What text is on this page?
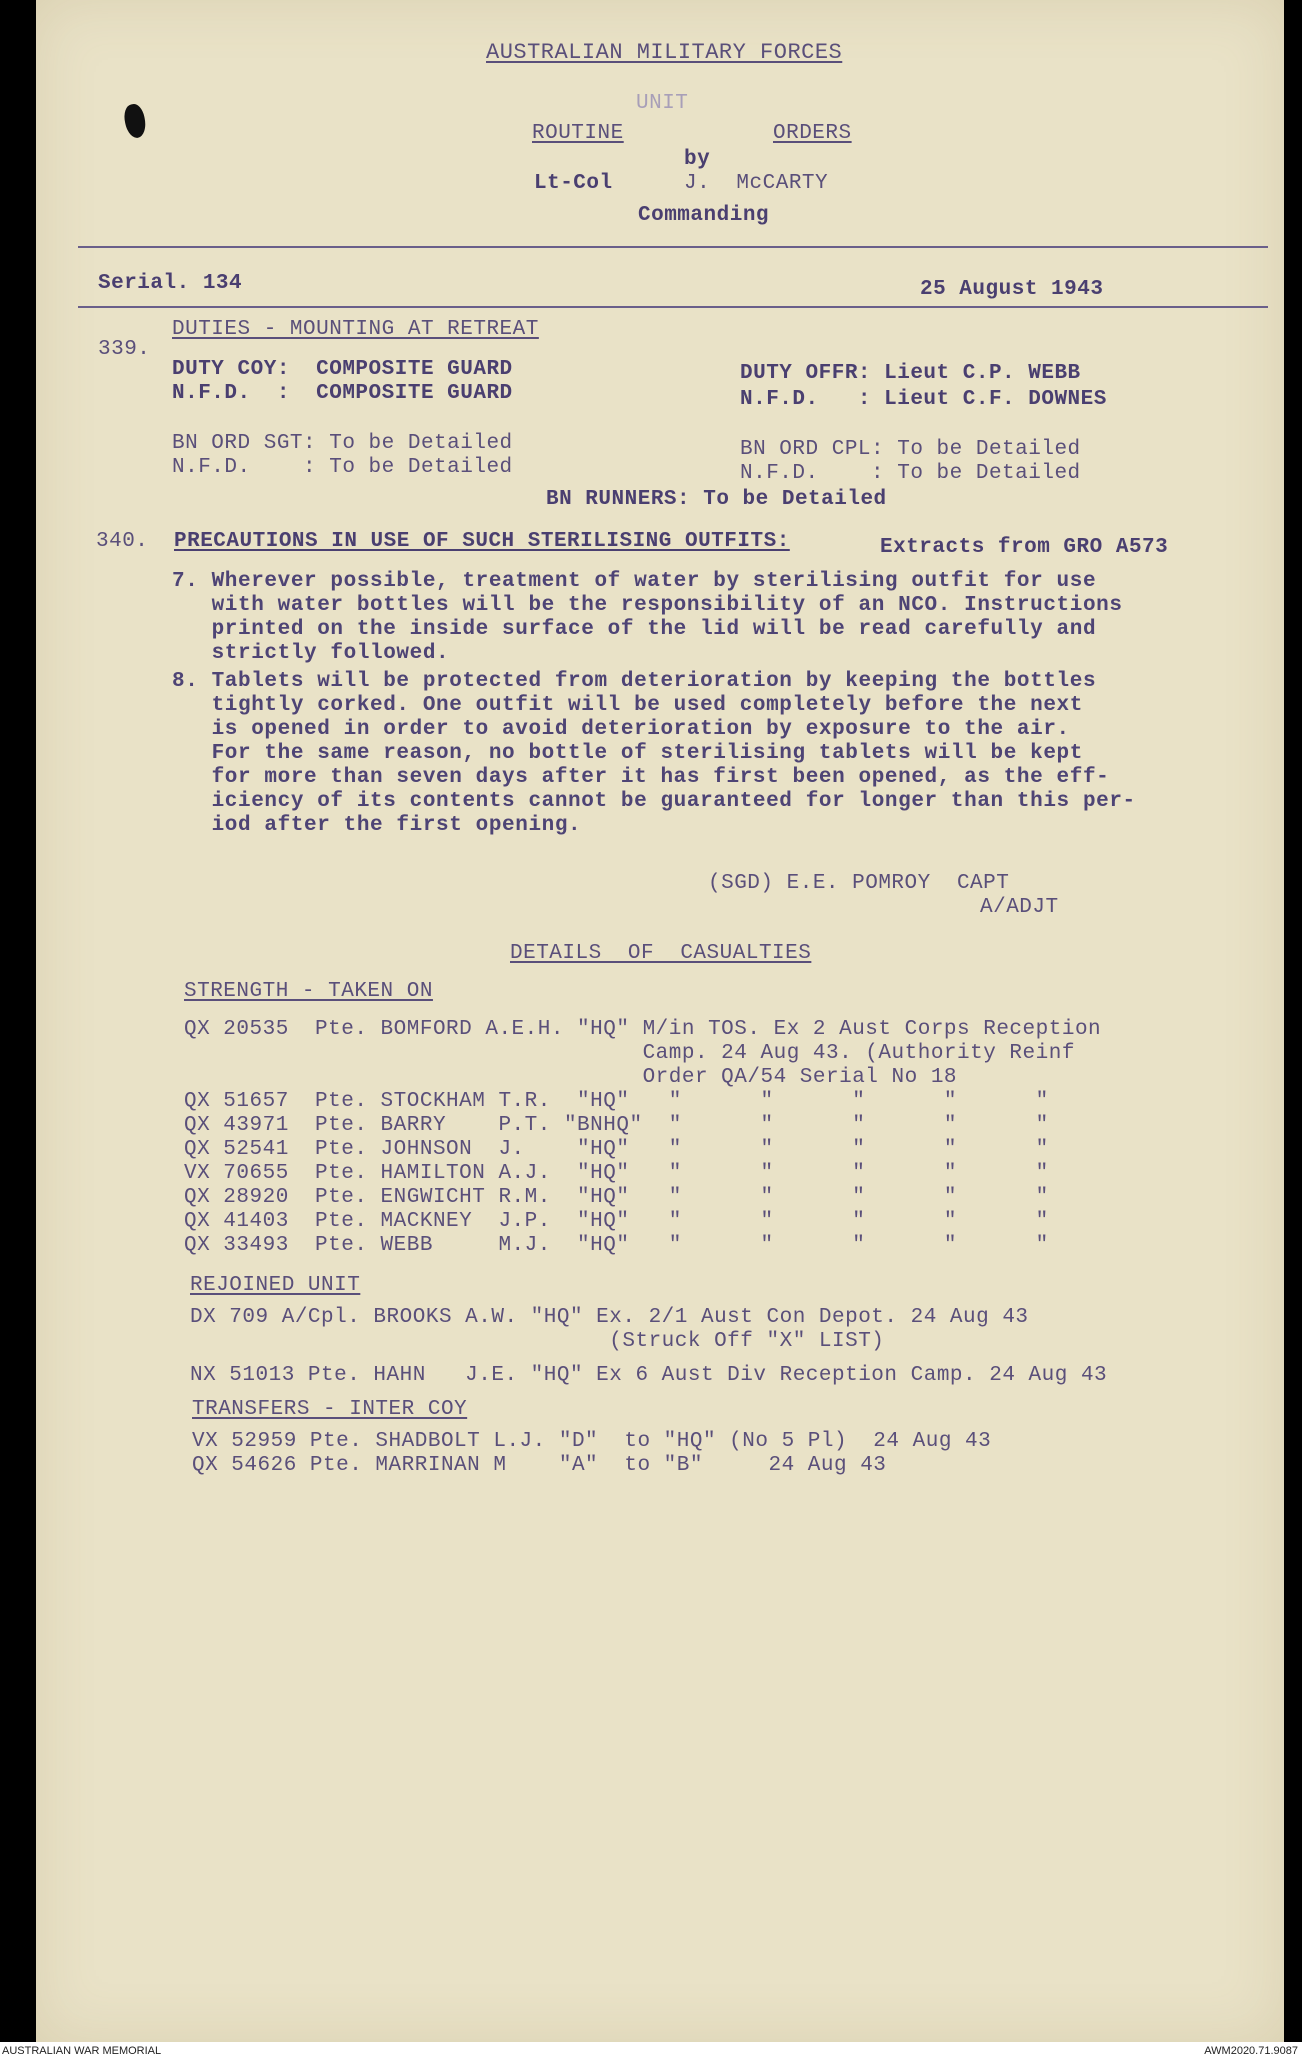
AUSTRALIAN MILITARY FORCES
UNIT
ROUTINE	ORDERS
by
Lt-Col	J.  McCARTY
Commanding
Serial. 134	25 August 1943
339.
DUTIES - MOUNTING AT RETREAT
DUTY COY:  COMPOSITE GUARD	DUTY OFFR: Lieut C.P. WEBB
N.F.D.  :  COMPOSITE GUARD	N.F.D.   : Lieut C.F. DOWNES
BN ORD SGT: To be Detailed	BN ORD CPL: To be Detailed
N.F.D.    : To be Detailed	N.F.D.    : To be Detailed
BN RUNNERS: To be Detailed
340. PRECAUTIONS IN USE OF SUCH STERILISING OUTFITS:	Extracts from GRO A573
7. Wherever possible, treatment of water by sterilising outfit for use
with water bottles will be the responsibility of an NCO. Instructions
printed on the inside surface of the lid will be read carefully and
strictly followed.
8. Tablets will be protected from deterioration by keeping the bottles
tightly corked. One outfit will be used completely before the next
is opened in order to avoid deterioration by exposure to the air.
For the same reason, no bottle of sterilising tablets will be kept
for more than seven days after it has first been opened, as the eff-
iciency of its contents cannot be guaranteed for longer than this per-
iod after the first opening.
(SGD) E.E. POMROY  CAPT
A/ADJT
DETAILS  OF  CASUALTIES
STRENGTH - TAKEN ON
QX 20535  Pte. BOMFORD A.E.H. "HQ" M/in TOS. Ex 2 Aust Corps Reception
Camp. 24 Aug 43. (Authority Reinf
Order QA/54 Serial No 18
QX 51657  Pte. STOCKHAM T.R.  "HQ"   "      "      "      "      "
QX 43971  Pte. BARRY    P.T. "BNHQ"  "      "      "      "      "
QX 52541  Pte. JOHNSON  J.    "HQ"   "      "      "      "      "
VX 70655  Pte. HAMILTON A.J.  "HQ"   "      "      "      "      "
QX 28920  Pte. ENGWICHT R.M.  "HQ"   "      "      "      "      "
QX 41403  Pte. MACKNEY  J.P.  "HQ"   "      "      "      "      "
QX 33493  Pte. WEBB     M.J.  "HQ"   "      "      "      "      "
REJOINED UNIT
DX 709 A/Cpl. BROOKS A.W. "HQ" Ex. 2/1 Aust Con Depot. 24 Aug 43
(Struck Off "X" LIST)
NX 51013 Pte. HAHN   J.E. "HQ" Ex 6 Aust Div Reception Camp. 24 Aug 43
TRANSFERS - INTER COY
VX 52959 Pte. SHADBOLT L.J. "D"  to "HQ" (No 5 Pl)  24 Aug 43
QX 54626 Pte. MARRINAN M    "A"  to "B"     24 Aug 43
AUSTRALIAN WAR MEMORIAL	AWM2020.71.9087
